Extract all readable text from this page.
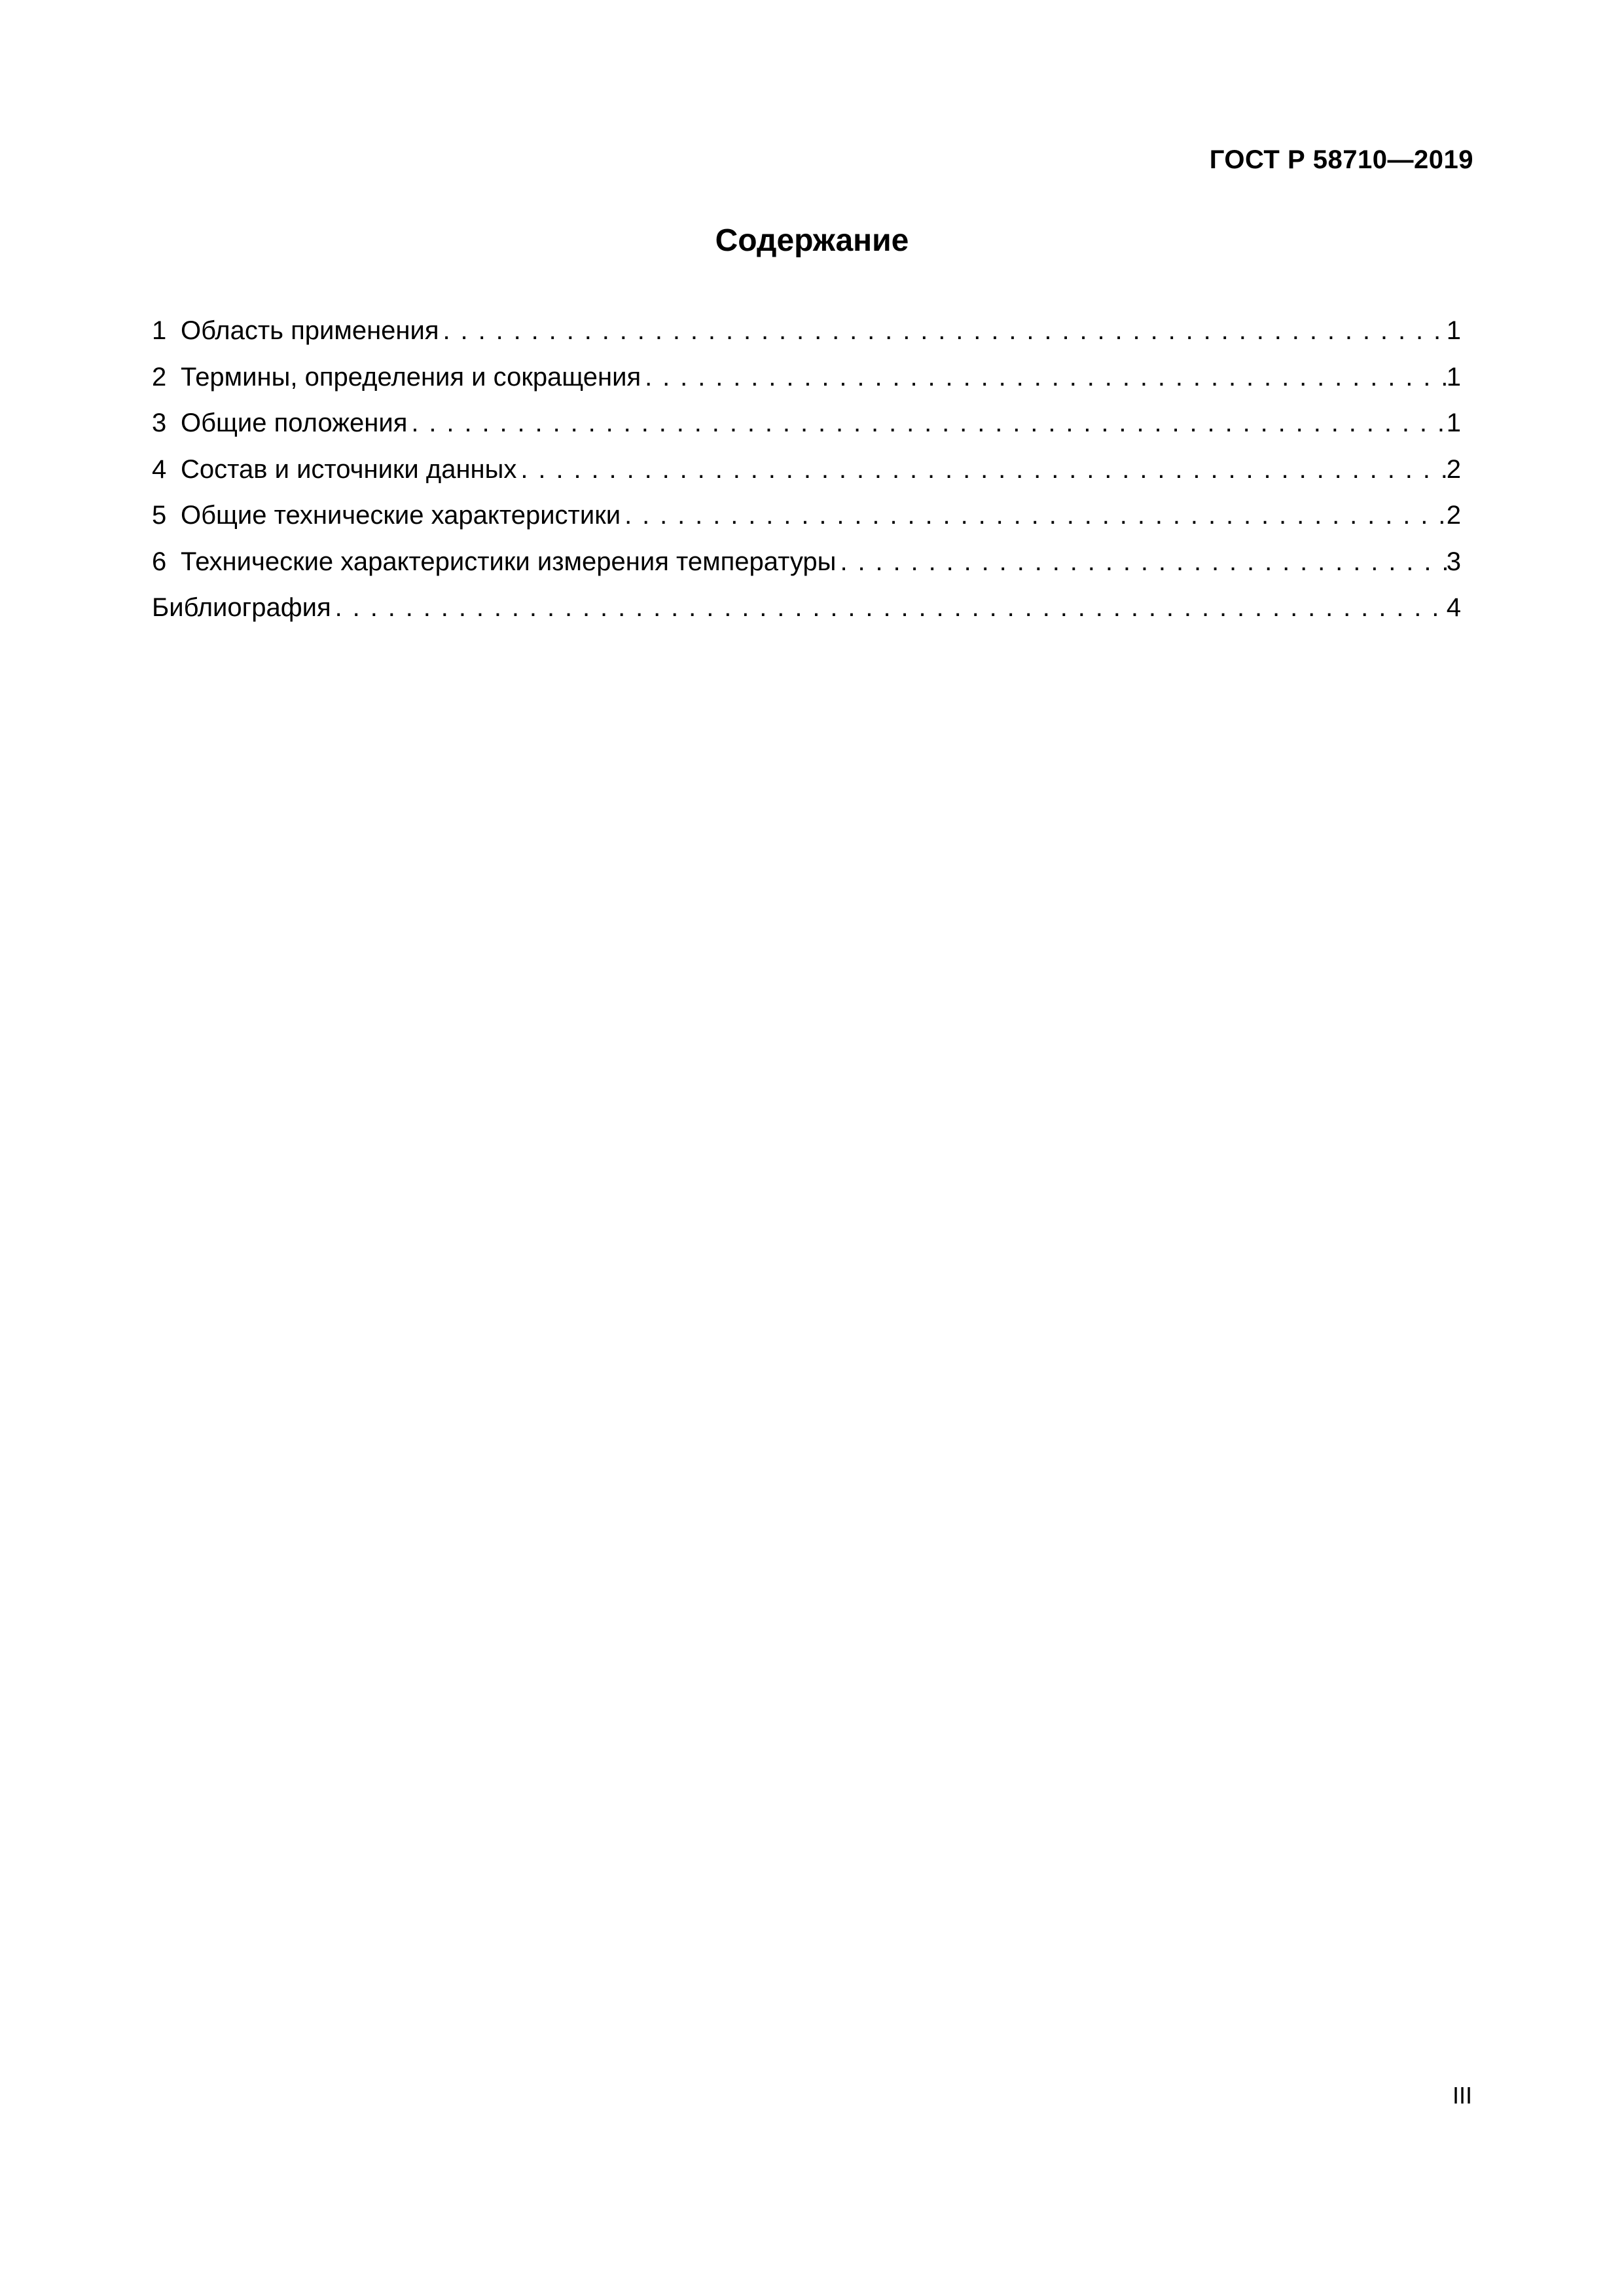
ГОСТ Р 58710—2019
Содержание
1 Область применения . . .	1
2 Термины, определения и сокращения . . .	1
3 Общие положения . . .	1
4 Состав и источники данных . . .	2
5 Общие технические характеристики . . .	2
6 Технические характеристики измерения температуры . . .	3
Библиография . . .	4
III
